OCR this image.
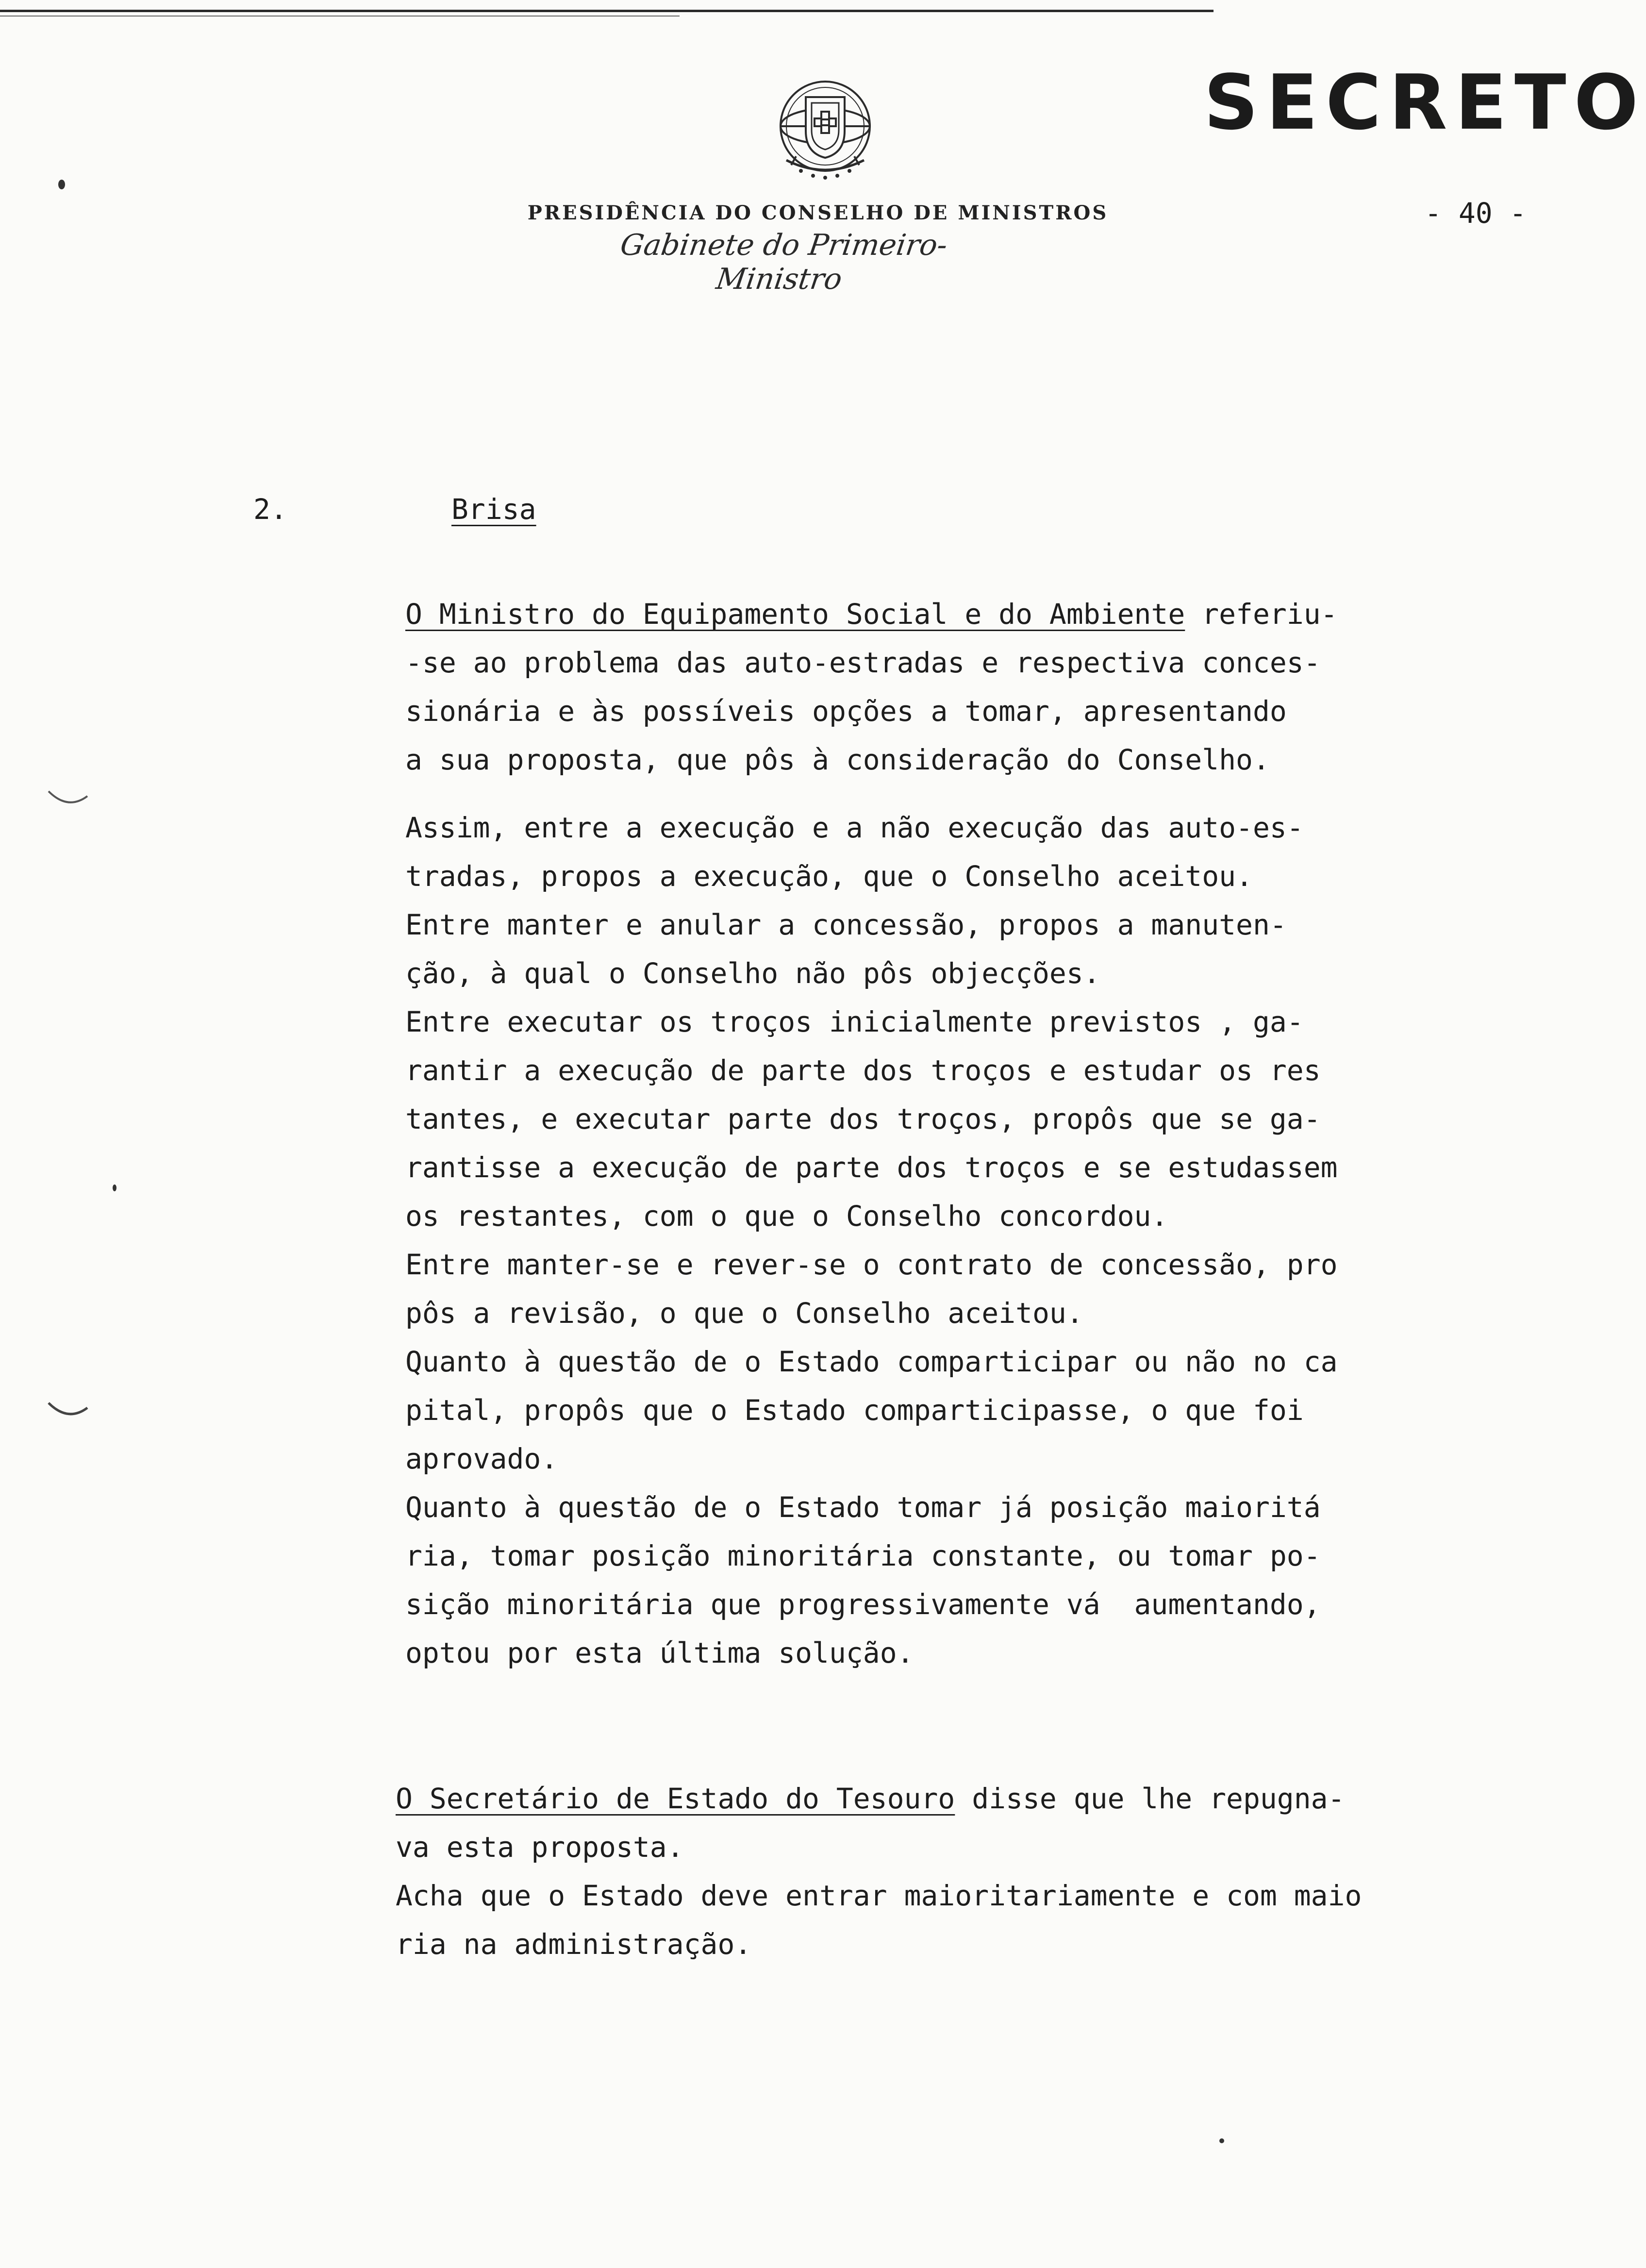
SECRETO
PRESIDÊNCIA DO CONSELHO DE MINISTROS
Gabinete do Primeiro-Ministro
- 40 -
2.	Brisa
O Ministro do Equipamento Social e do Ambiente referiu-
-se ao problema das auto-estradas e respectiva conces-
sionária e às possíveis opções a tomar, apresentando
a sua proposta, que pôs à consideração do Conselho.
Assim, entre a execução e a não execução das auto-es-
tradas, propos a execução, que o Conselho aceitou.
Entre manter e anular a concessão, propos a manuten-
ção, à qual o Conselho não pôs objecções.
Entre executar os troços inicialmente previstos , ga-
rantir a execução de parte dos troços e estudar os res
tantes, e executar parte dos troços, propôs que se ga-
rantisse a execução de parte dos troços e se estudassem
os restantes, com o que o Conselho concordou.
Entre manter-se e rever-se o contrato de concessão, pro
pôs a revisão, o que o Conselho aceitou.
Quanto à questão de o Estado comparticipar ou não no ca
pital, propôs que o Estado comparticipasse, o que foi
aprovado.
Quanto à questão de o Estado tomar já posição maioritá
ria, tomar posição minoritária constante, ou tomar po-
sição minoritária que progressivamente vá  aumentando,
optou por esta última solução.
O Secretário de Estado do Tesouro disse que lhe repugna-
va esta proposta.
Acha que o Estado deve entrar maioritariamente e com maio
ria na administração.
